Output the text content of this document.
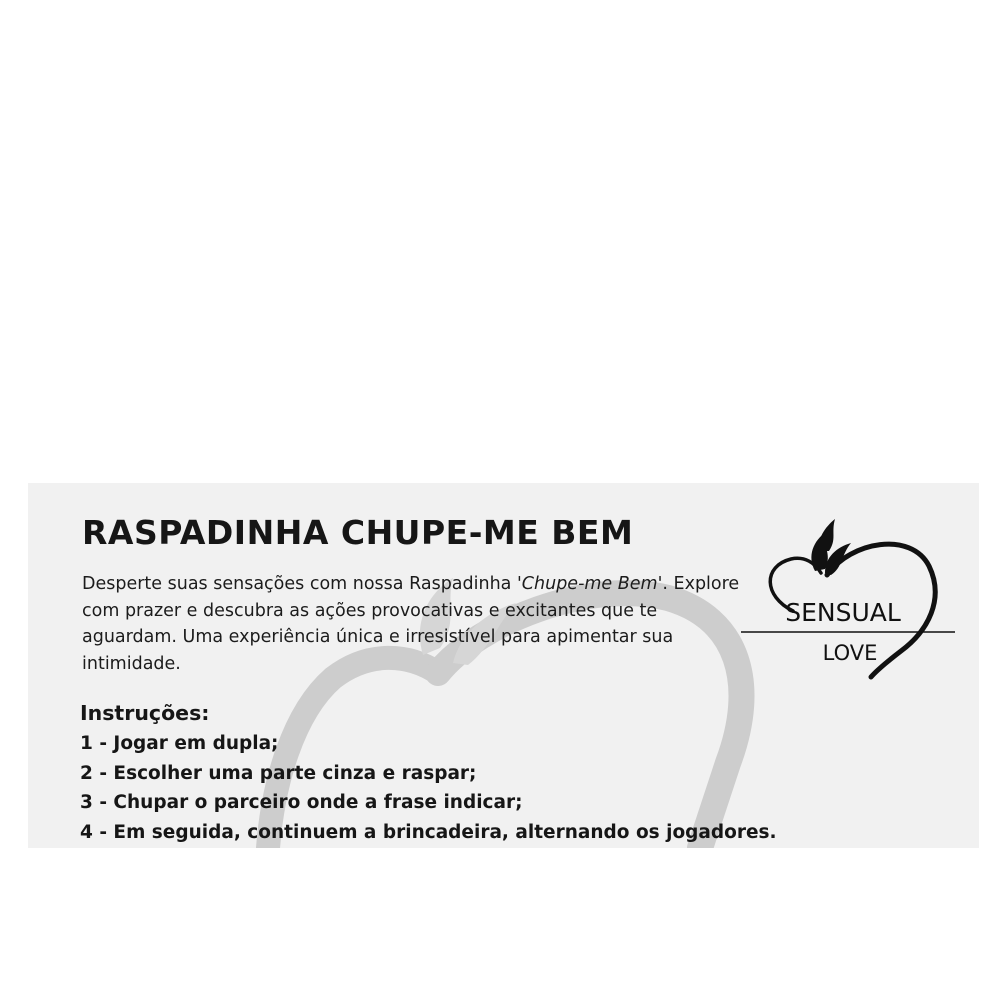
RASPADINHA CHUPE-ME BEM

Desperte suas sensações com nossa Raspadinha 'Chupe-me Bem'. Explore com prazer e descubra as ações provocativas e excitantes que te aguardam. Uma experiência única e irresistível para apimentar sua intimidade.

Instruções:
1 - Jogar em dupla;
2 - Escolher uma parte cinza e raspar;
3 - Chupar o parceiro onde a frase indicar;
4 - Em seguida, continuem a brincadeira, alternando os jogadores.
SENSUAL
LOVE
